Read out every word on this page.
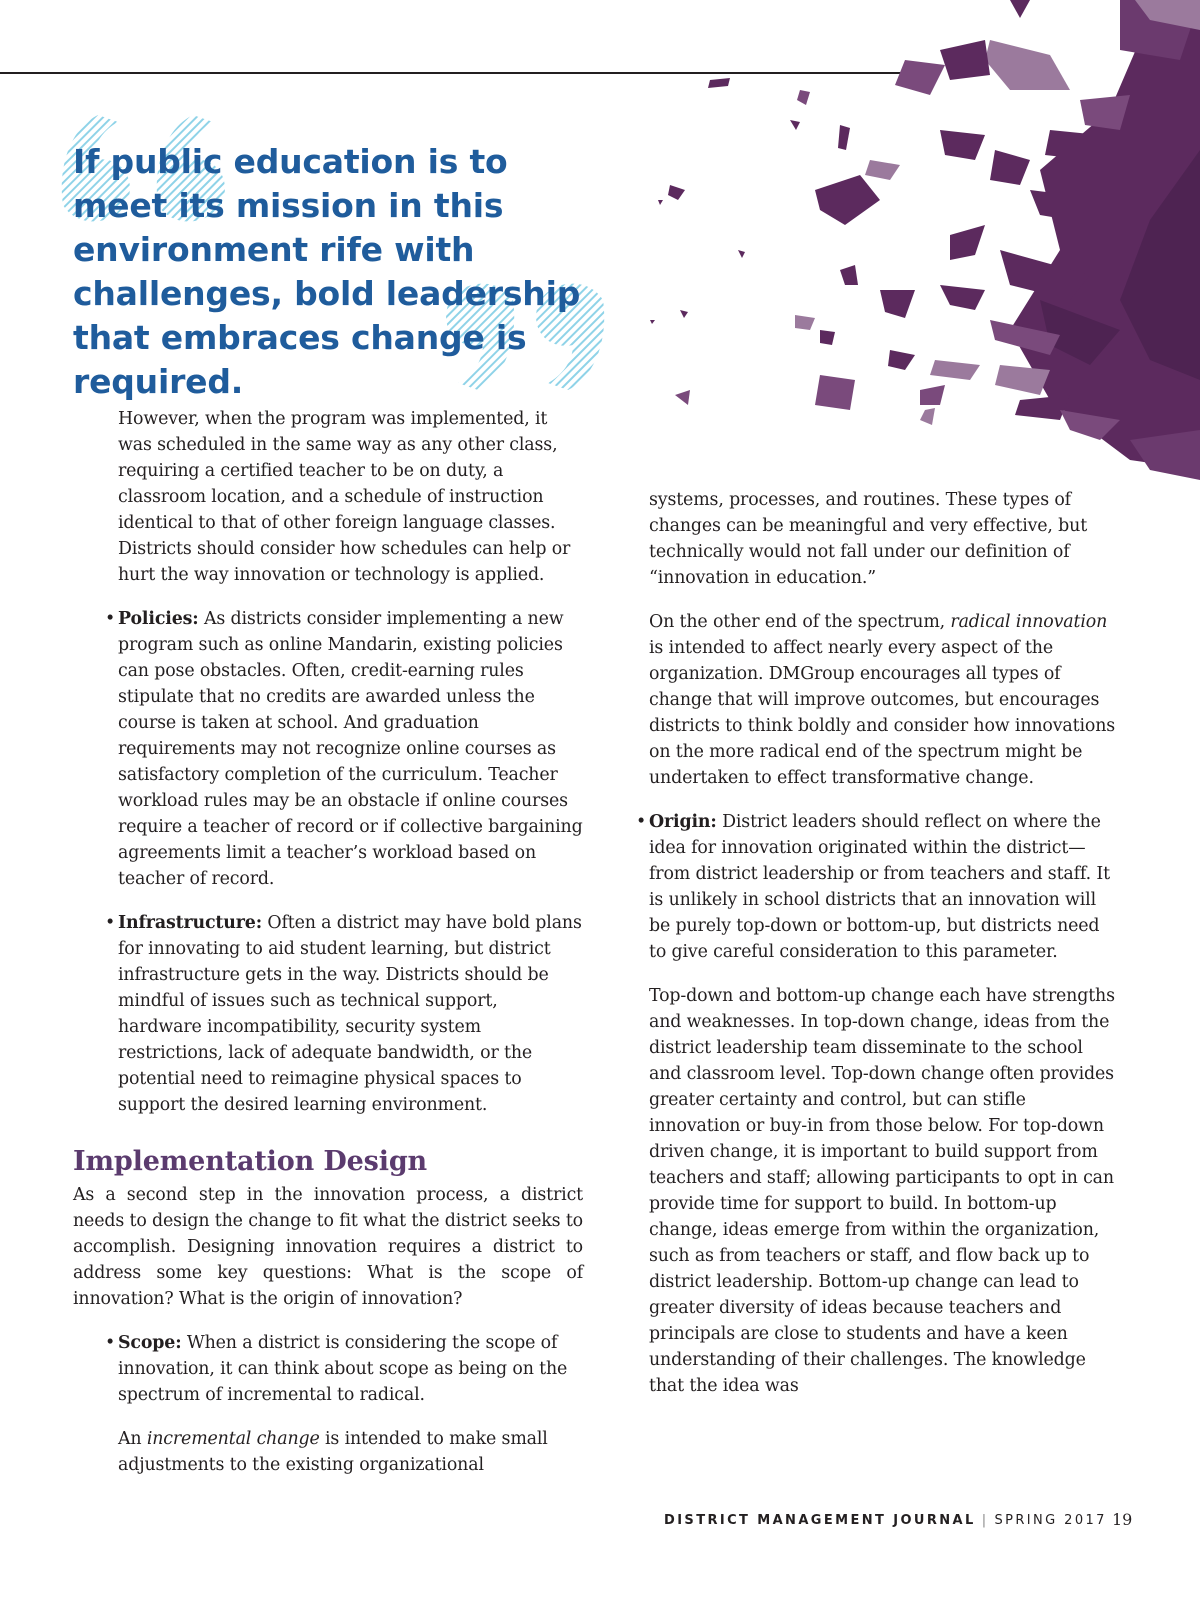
If public education is to meet its mission in this environment rife with challenges, bold leadership that embraces change is required.

However, when the program was implemented, it was scheduled in the same way as any other class, requiring a certified teacher to be on duty, a classroom location, and a schedule of instruction identical to that of other foreign language classes. Districts should consider how schedules can help or hurt the way innovation or technology is applied.

• Policies: As districts consider implementing a new program such as online Mandarin, existing policies can pose obstacles. Often, credit-earning rules stipulate that no credits are awarded unless the course is taken at school. And graduation requirements may not recognize online courses as satisfactory completion of the curriculum. Teacher workload rules may be an obstacle if online courses require a teacher of record or if collective bargaining agreements limit a teacher’s workload based on teacher of record.

• Infrastructure: Often a district may have bold plans for innovating to aid student learning, but district infrastructure gets in the way. Districts should be mindful of issues such as technical support, hardware incompatibility, security system restrictions, lack of adequate bandwidth, or the potential need to reimagine physical spaces to support the desired learning environment.

Implementation Design

As a second step in the innovation process, a district needs to design the change to fit what the district seeks to accomplish. Designing innovation requires a district to address some key questions: What is the scope of innovation? What is the origin of innovation?

• Scope: When a district is considering the scope of innovation, it can think about scope as being on the spectrum of incremental to radical.

An incremental change is intended to make small adjustments to the existing organizational

systems, processes, and routines. These types of changes can be meaningful and very effective, but technically would not fall under our definition of “innovation in education.”

On the other end of the spectrum, radical innovation is intended to affect nearly every aspect of the organization. DMGroup encourages all types of change that will improve outcomes, but encourages districts to think boldly and consider how innovations on the more radical end of the spectrum might be undertaken to effect transformative change.

• Origin: District leaders should reflect on where the idea for innovation originated within the district—from district leadership or from teachers and staff. It is unlikely in school districts that an innovation will be purely top-down or bottom-up, but districts need to give careful consideration to this parameter.

Top-down and bottom-up change each have strengths and weaknesses. In top-down change, ideas from the district leadership team disseminate to the school and classroom level. Top-down change often provides greater certainty and control, but can stifle innovation or buy-in from those below. For top-down driven change, it is important to build support from teachers and staff; allowing participants to opt in can provide time for support to build. In bottom-up change, ideas emerge from within the organization, such as from teachers or staff, and flow back up to district leadership. Bottom-up change can lead to greater diversity of ideas because teachers and principals are close to students and have a keen understanding of their challenges. The knowledge that the idea was

DISTRICT MANAGEMENT JOURNAL | SPRING 2017 19
